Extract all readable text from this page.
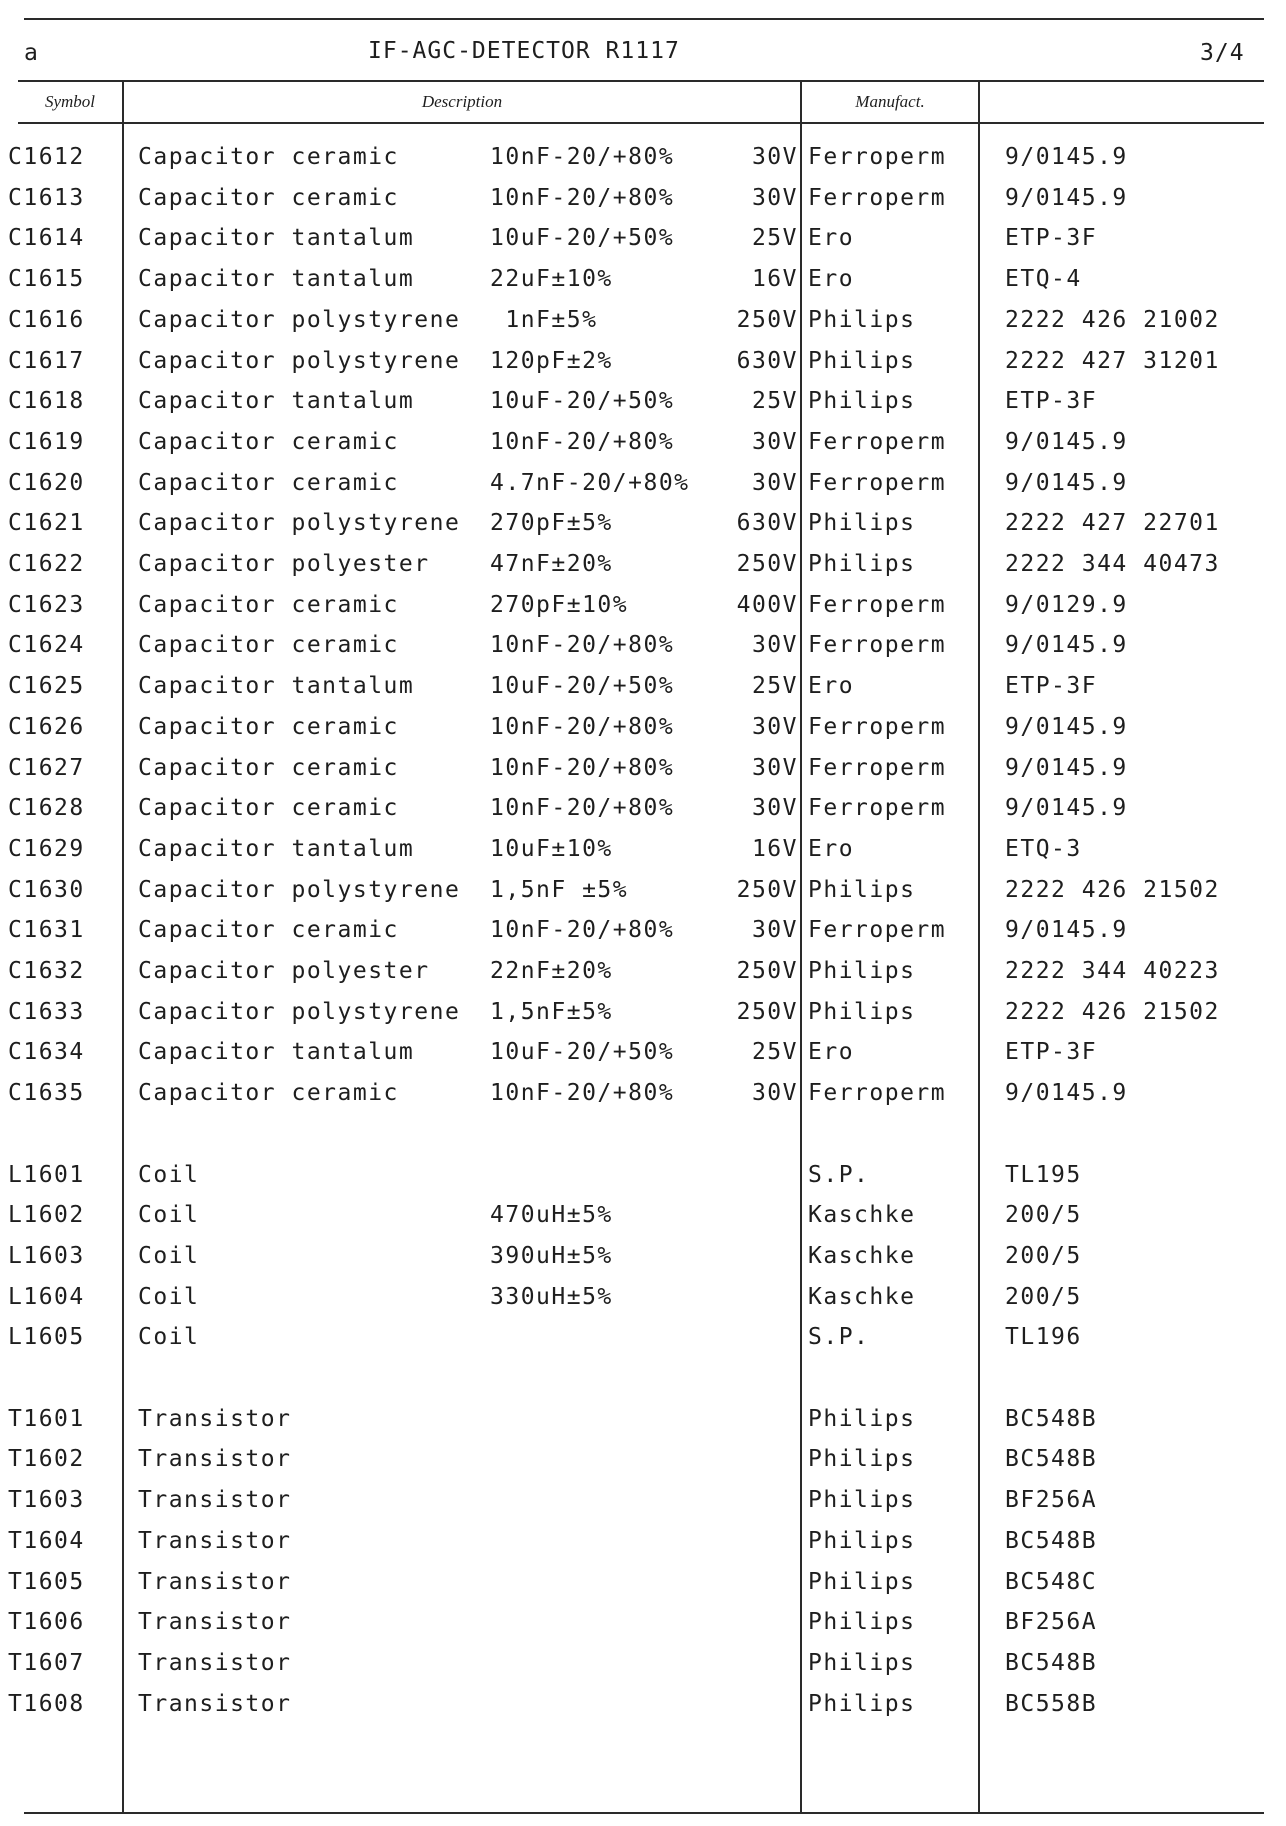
a	IF-AGC-DETECTOR R1117	3/4
Symbol	Description	Manufact.
C1612 Capacitor ceramic	10nF-20/+80%	30V Ferroperm	9/0145.9
C1613 Capacitor ceramic	10nF-20/+80%	30V Ferroperm	9/0145.9
C1614 Capacitor tantalum	10uF-20/+50%	25V Ero	ETP-3F
C1615 Capacitor tantalum	22uF±10%	16V Ero	ETQ-4
C1616 Capacitor polystyrene 1nF±5%	250V Philips	2222 426 21002
C1617 Capacitor polystyrene 120pF±2%	630V Philips	2222 427 31201
C1618 Capacitor tantalum	10uF-20/+50%	25V Philips	ETP-3F
C1619 Capacitor ceramic	10nF-20/+80%	30V Ferroperm	9/0145.9
C1620 Capacitor ceramic	4.7nF-20/+80%	30V Ferroperm	9/0145.9
C1621 Capacitor polystyrene 270pF±5%	630V Philips	2222 427 22701
C1622 Capacitor polyester	47nF±20%	250V Philips	2222 344 40473
C1623 Capacitor ceramic	270pF±10%	400V Ferroperm	9/0129.9
C1624 Capacitor ceramic	10nF-20/+80%	30V Ferroperm	9/0145.9
C1625 Capacitor tantalum	10uF-20/+50%	25V Ero	ETP-3F
C1626 Capacitor ceramic	10nF-20/+80%	30V Ferroperm	9/0145.9
C1627 Capacitor ceramic	10nF-20/+80%	30V Ferroperm	9/0145.9
C1628 Capacitor ceramic	10nF-20/+80%	30V Ferroperm	9/0145.9
C1629 Capacitor tantalum	10uF±10%	16V Ero	ETQ-3
C1630 Capacitor polystyrene 1,5nF ±5%	250V Philips	2222 426 21502
C1631 Capacitor ceramic	10nF-20/+80%	30V Ferroperm	9/0145.9
C1632 Capacitor polyester	22nF±20%	250V Philips	2222 344 40223
C1633 Capacitor polystyrene 1,5nF±5%	250V Philips	2222 426 21502
C1634 Capacitor tantalum	10uF-20/+50%	25V Ero	ETP-3F
C1635 Capacitor ceramic	10nF-20/+80%	30V Ferroperm	9/0145.9
L1601 Coil	S.P.	TL195
L1602 Coil	470uH±5%	Kaschke	200/5
L1603 Coil	390uH±5%	Kaschke	200/5
L1604 Coil	330uH±5%	Kaschke	200/5
L1605 Coil	S.P.	TL196
T1601 Transistor	Philips	BC548B
T1602 Transistor	Philips	BC548B
T1603 Transistor	Philips	BF256A
T1604 Transistor	Philips	BC548B
T1605 Transistor	Philips	BC548C
T1606 Transistor	Philips	BF256A
T1607 Transistor	Philips	BC548B
T1608 Transistor	Philips	BC558B
